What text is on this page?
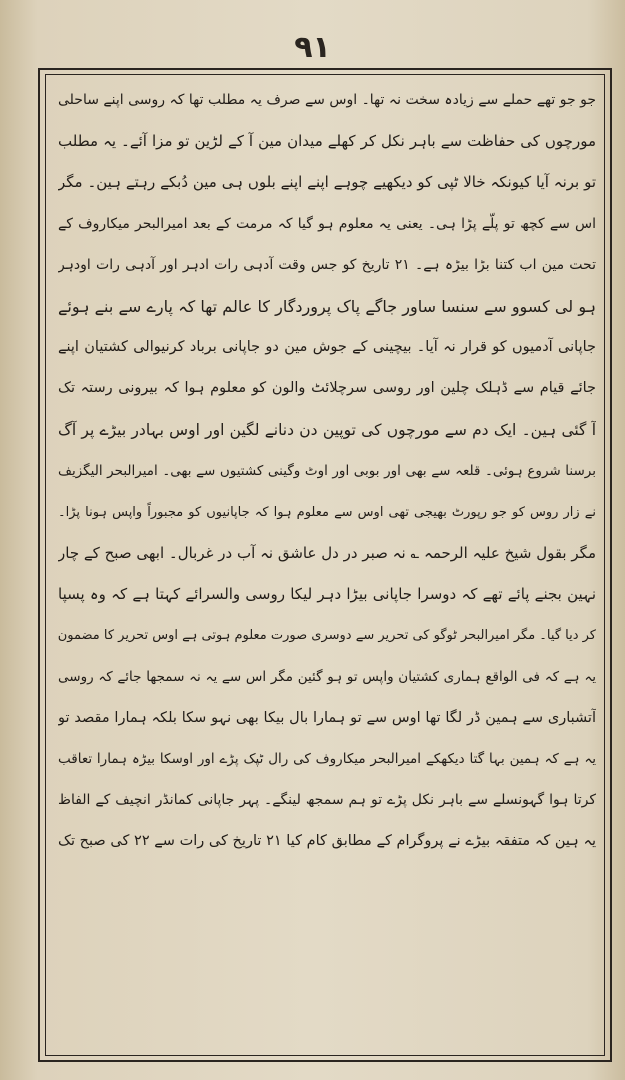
۹۱
جو جو تھے حملے سے زیادہ سخت نہ تھا۔ اوس سے صرف یہ مطلب تھا کہ روسی اپنے ساحلی
مورچوں کی حفاظت سے باہر نکل کر کھلے میدان مین آ کے لڑین تو مزا آئے۔ یہ مطلب
تو برنہ آیا کیونکہ خالا ٹپی کو دیکھیے چوہے اپنے اپنے بلوں ہی مین دُبکے رہتے ہین۔ مگر
اس سے کچھ تو پلّے پڑا ہی۔ یعنی یہ معلوم ہو گیا کہ مرمت کے بعد امیرالبحر میکاروف کے
تحت مین اب کتنا بڑا بیڑہ ہے۔ ۲۱ تاریخ کو جس وقت آدہی رات ادہر اور آدہی رات اودہر
ہو لی کسوو سے سنسا ساور جاگے پاک پروردگار کا عالم تھا کہ پارے سے بنے ہوئے
جاپانی آدمیوں کو قرار نہ آیا۔ بیچینی کے جوش مین دو جاپانی برباد کرنیوالی کشتیان اپنے
جائے قیام سے ڈہلک چلین اور روسی سرچلائٹ والون کو معلوم ہوا کہ بیرونی رستہ تک
آ گئی ہین۔ ایک دم سے مورچوں کی توپین دن دنانے لگین اور اوس بہادر بیڑے پر آگ
برسنا شروع ہوئی۔ قلعہ سے بھی اور بوبی اور اوٹ وگینی کشتیوں سے بھی۔ امیرالبحر الیگزیف
نے زار روس کو جو رپورٹ بھیجی تھی اوس سے معلوم ہوا کہ جاپانیوں کو مجبوراً واپس ہونا پڑا۔
مگر بقول شیخ علیہ الرحمہ ؎ نہ صبر در دل عاشق نہ آب در غربال۔ ابھی صبح کے چار
نہین بجنے پائے تھے کہ دوسرا جاپانی بیڑا دہر لیکا روسی والسرائے کہتا ہے کہ وہ پسپا
کر دیا گیا۔ مگر امیرالبحر ٹوگو کی تحریر سے دوسری صورت معلوم ہوتی ہے اوس تحریر کا مضمون
یہ ہے کہ فی الواقع ہماری کشتیان واپس تو ہو گئین مگر اس سے یہ نہ سمجھا جائے کہ روسی
آتشباری سے ہمین ڈر لگا تھا اوس سے تو ہمارا بال بیکا بھی نہو سکا بلکہ ہمارا مقصد تو
یہ ہے کہ ہمین بہا گتا دیکھکے امیرالبحر میکاروف کی رال ٹپک پڑے اور اوسکا بیڑہ ہمارا تعاقب
کرتا ہوا گہونسلے سے باہر نکل پڑے تو ہم سمجھ لینگے۔ پہر جاپانی کمانڈر انچیف کے الفاظ
یہ ہین کہ متفقہ بیڑے نے پروگرام کے مطابق کام کیا ۲۱ تاریخ کی رات سے ۲۲ کی صبح تک
